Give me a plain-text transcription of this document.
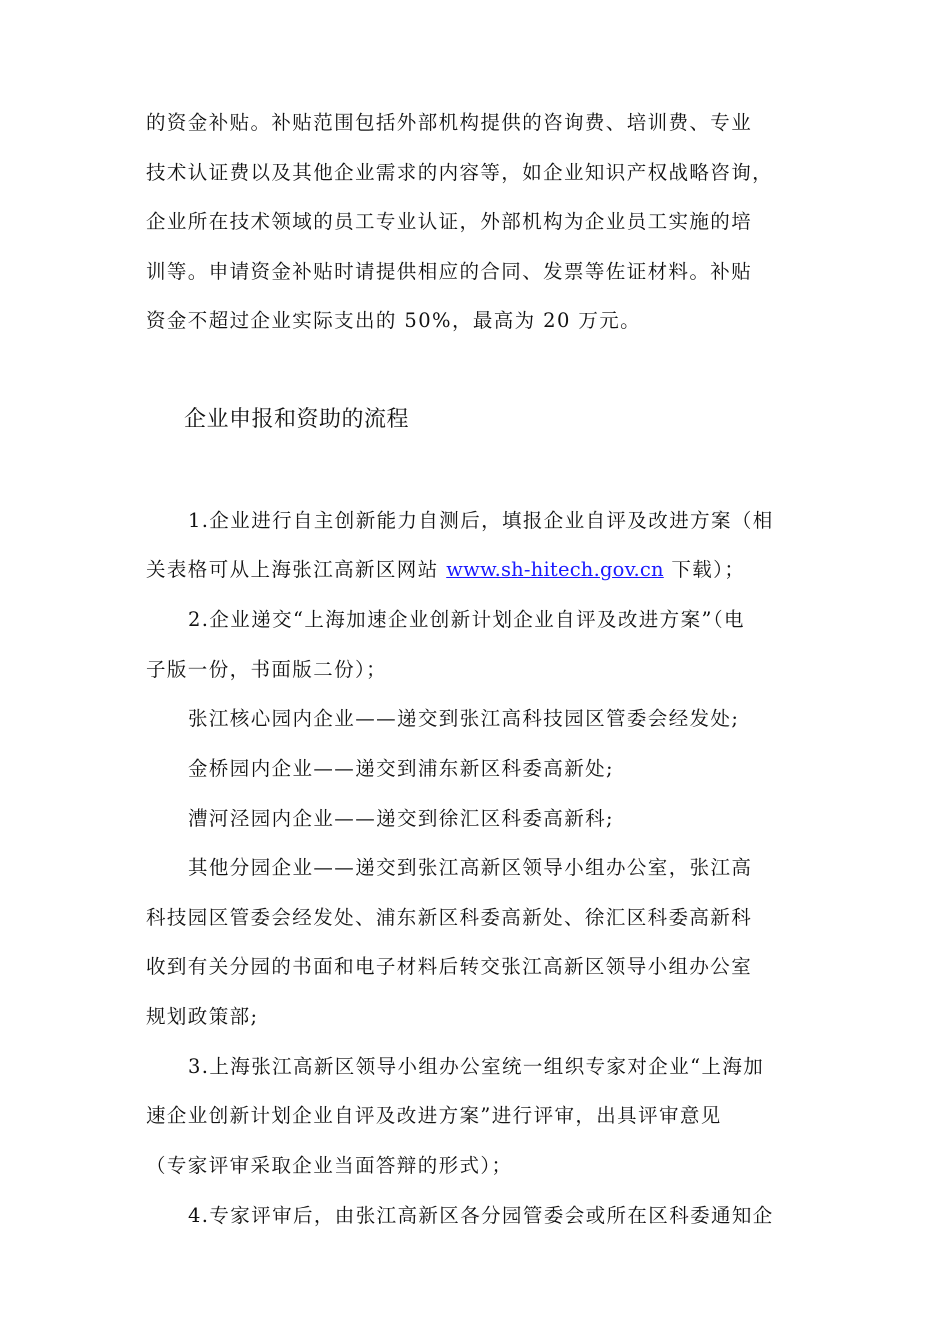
的资金补贴。补贴范围包括外部机构提供的咨询费、培训费、专业
技术认证费以及其他企业需求的内容等，如企业知识产权战略咨询，
企业所在技术领域的员工专业认证，外部机构为企业员工实施的培
训等。申请资金补贴时请提供相应的合同、发票等佐证材料。补贴
资金不超过企业实际支出的 50%，最高为 20 万元。
企业申报和资助的流程
1.企业进行自主创新能力自测后，填报企业自评及改进方案（相
关表格可从上海张江高新区网站 www.sh-hitech.gov.cn 下载）；
2.企业递交“上海加速企业创新计划企业自评及改进方案”（电
子版一份，书面版二份）；
张江核心园内企业——递交到张江高科技园区管委会经发处;
金桥园内企业——递交到浦东新区科委高新处;
漕河泾园内企业——递交到徐汇区科委高新科;
其他分园企业——递交到张江高新区领导小组办公室，张江高
科技园区管委会经发处、浦东新区科委高新处、徐汇区科委高新科
收到有关分园的书面和电子材料后转交张江高新区领导小组办公室
规划政策部;
3.上海张江高新区领导小组办公室统一组织专家对企业“上海加
速企业创新计划企业自评及改进方案”进行评审，出具评审意见
（专家评审采取企业当面答辩的形式）；
4.专家评审后，由张江高新区各分园管委会或所在区科委通知企
